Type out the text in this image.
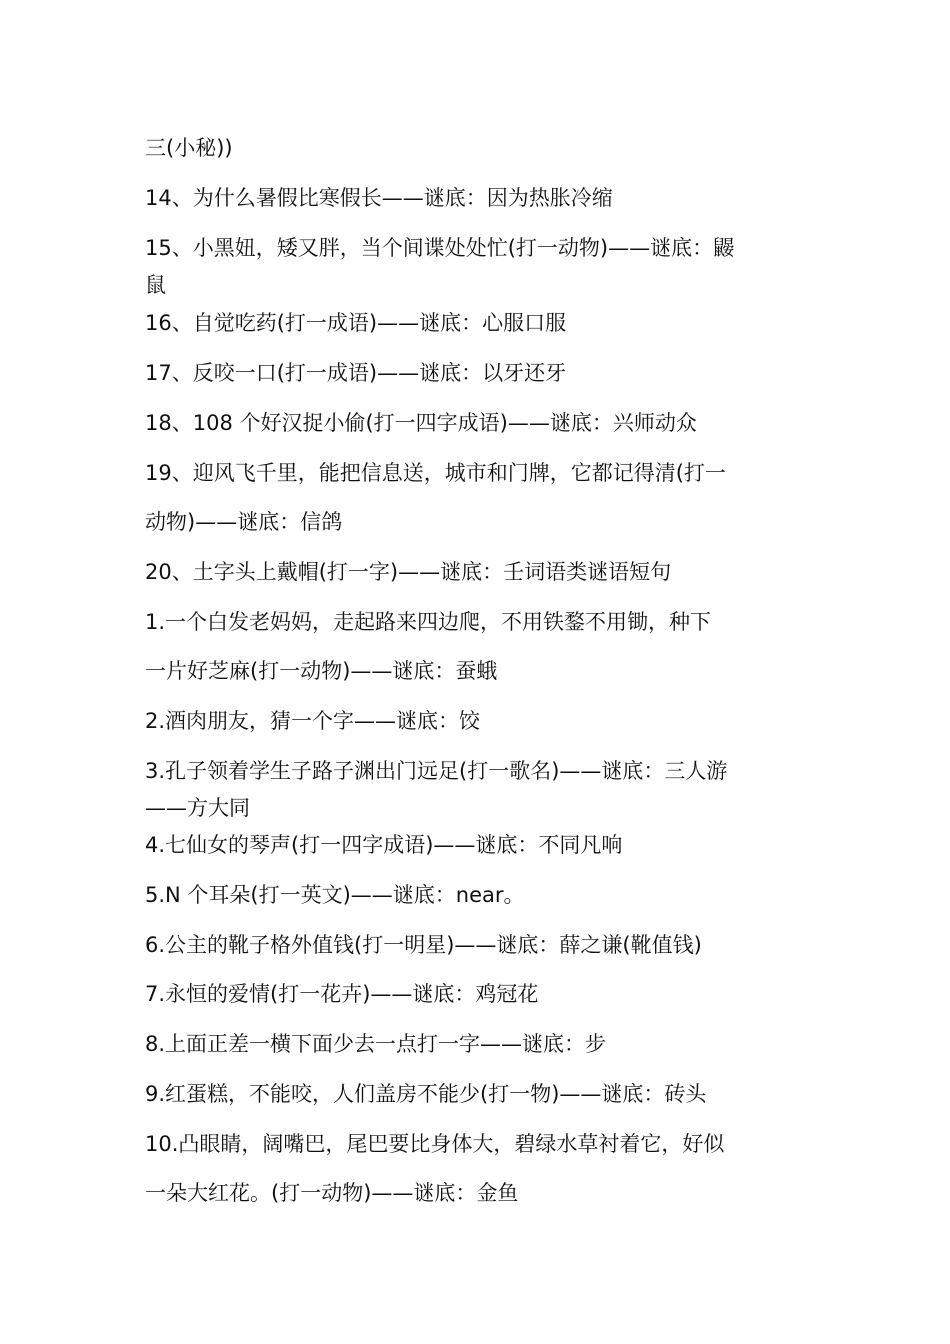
三(小秘))
14、为什么暑假比寒假长——谜底：因为热胀冷缩
15、小黑妞，矮又胖，当个间谍处处忙(打一动物)——谜底：鼹
鼠
16、自觉吃药(打一成语)——谜底：心服口服
17、反咬一口(打一成语)——谜底：以牙还牙
18、108 个好汉捉小偷(打一四字成语)——谜底：兴师动众
19、迎风飞千里，能把信息送，城市和门牌，它都记得清(打一
动物)——谜底：信鸽
20、土字头上戴帽(打一字)——谜底：壬词语类谜语短句
1.一个白发老妈妈，走起路来四边爬，不用铁鍪不用锄，种下
一片好芝麻(打一动物)——谜底：蚕蛾
2.酒肉朋友，猜一个字——谜底：饺
3.孔子领着学生子路子渊出门远足(打一歌名)——谜底：三人游
——方大同
4.七仙女的琴声(打一四字成语)——谜底：不同凡响
5.N 个耳朵(打一英文)——谜底：near。
6.公主的靴子格外值钱(打一明星)——谜底：薛之谦(靴值钱)
7.永恒的爱情(打一花卉)——谜底：鸡冠花
8.上面正差一横下面少去一点打一字——谜底：步
9.红蛋糕，不能咬，人们盖房不能少(打一物)——谜底：砖头
10.凸眼睛，阔嘴巴，尾巴要比身体大，碧绿水草衬着它，好似
一朵大红花。(打一动物)——谜底：金鱼
